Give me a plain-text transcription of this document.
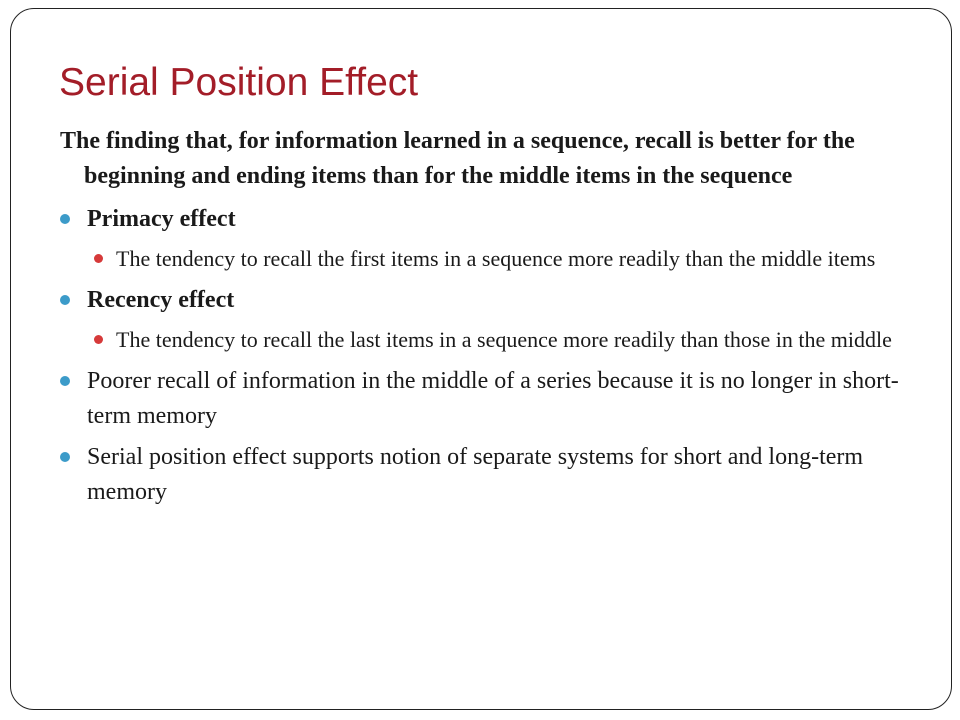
Serial Position Effect

The finding that, for information learned in a sequence, recall is better for the beginning and ending items than for the middle items in the sequence

Primacy effect
The tendency to recall the first items in a sequence more readily than the middle items
Recency effect
The tendency to recall the last items in a sequence more readily than those in the middle
Poorer recall of information in the middle of a series because it is no longer in short-term memory
Serial position effect supports notion of separate systems for short and long-term memory
